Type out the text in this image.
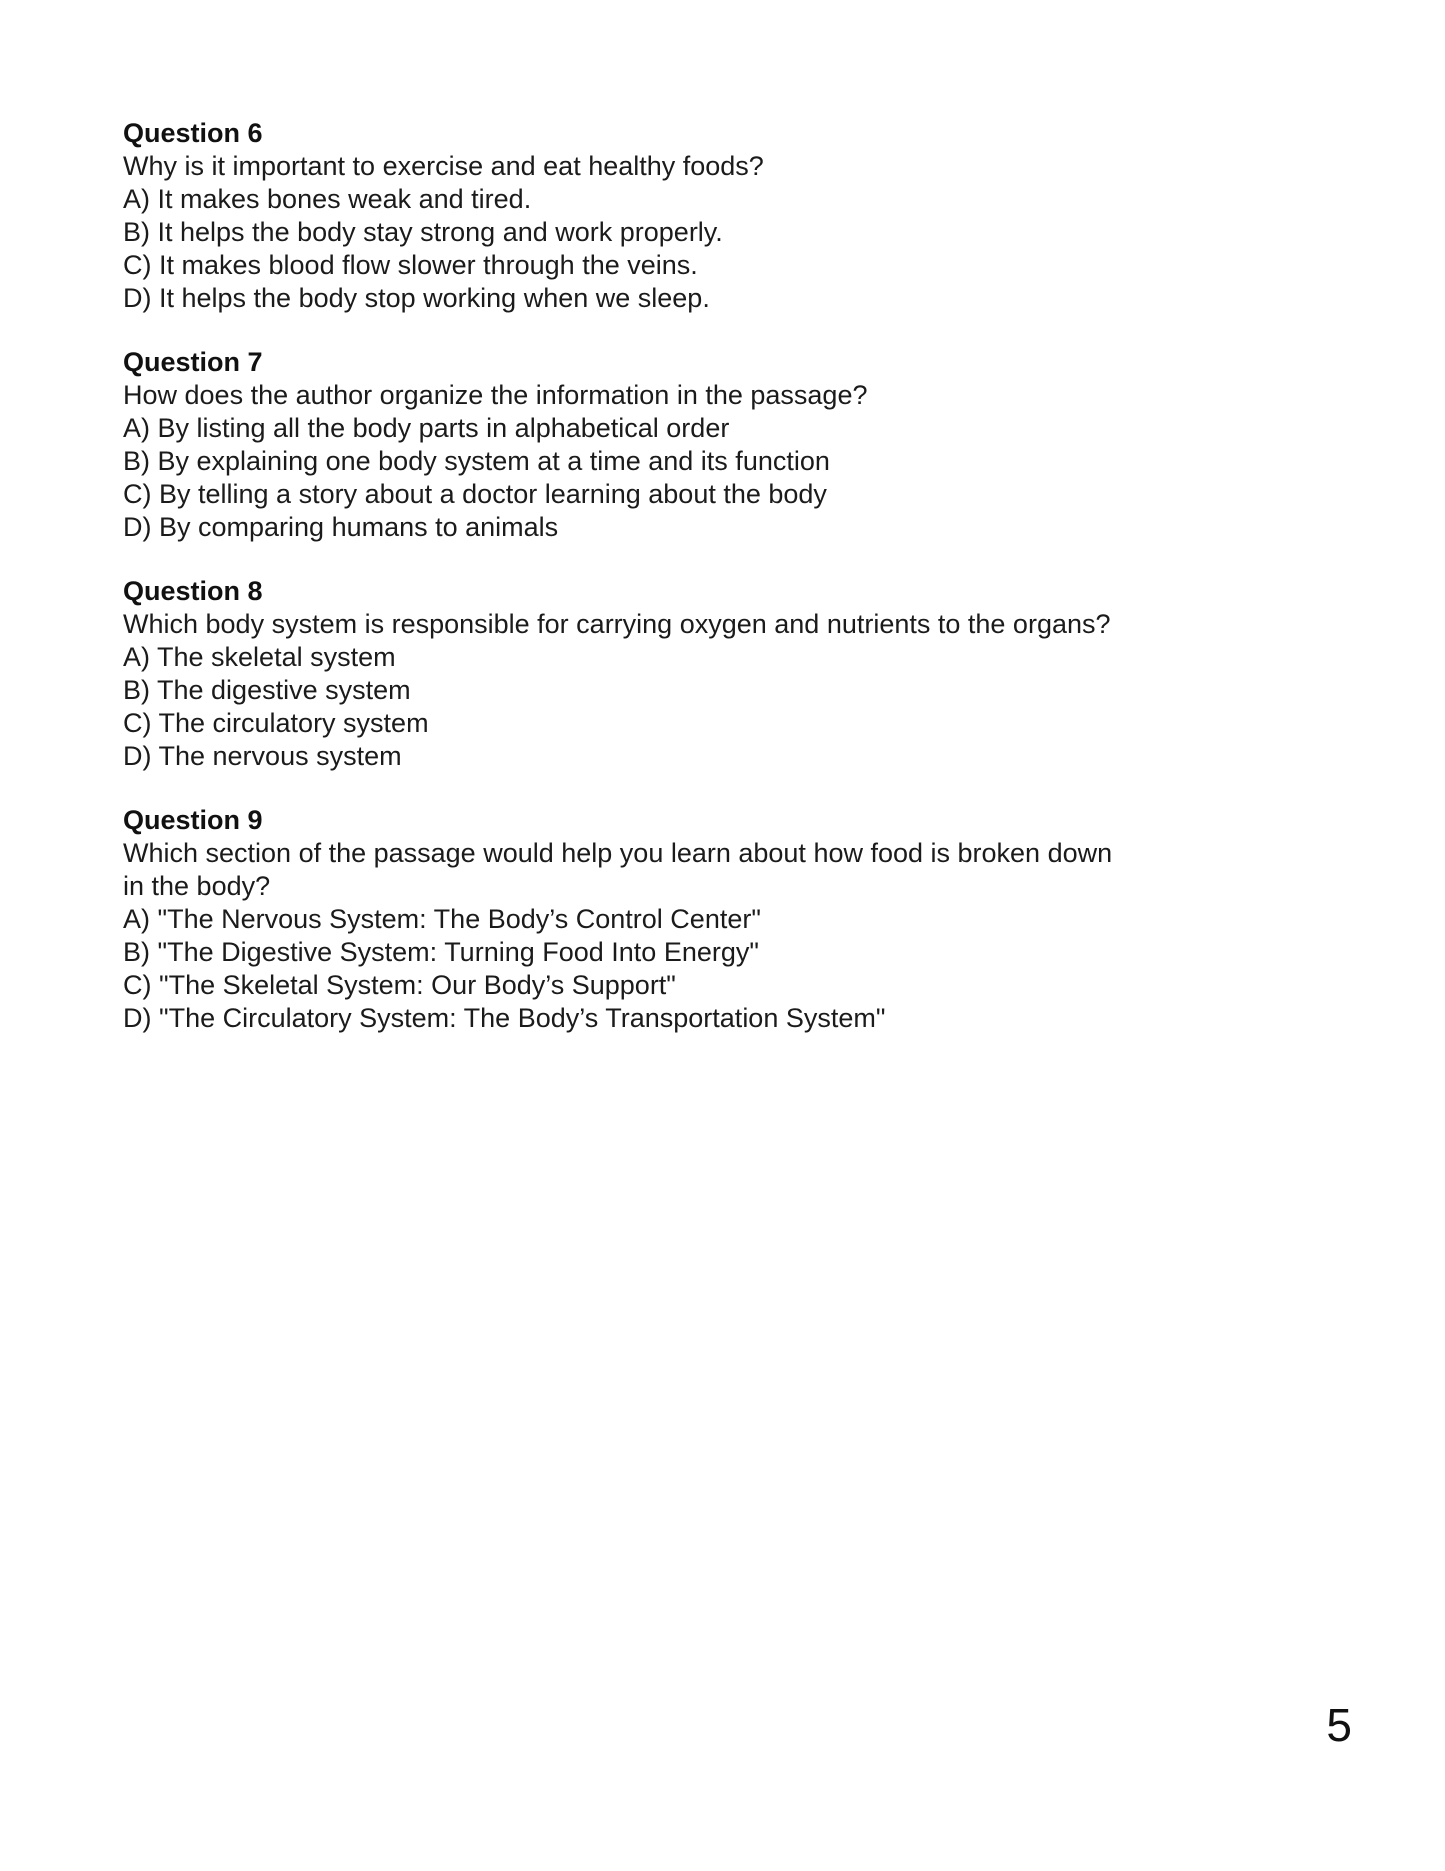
Question 6

Why is it important to exercise and eat healthy foods?

A) It makes bones weak and tired.

B) It helps the body stay strong and work properly.

C) It makes blood flow slower through the veins.

D) It helps the body stop working when we sleep.

Question 7

How does the author organize the information in the passage?

A) By listing all the body parts in alphabetical order

B) By explaining one body system at a time and its function

C) By telling a story about a doctor learning about the body

D) By comparing humans to animals

Question 8

Which body system is responsible for carrying oxygen and nutrients to the organs?

A) The skeletal system

B) The digestive system

C) The circulatory system

D) The nervous system

Question 9

Which section of the passage would help you learn about how food is broken down

in the body?

A) "The Nervous System: The Body’s Control Center"

B) "The Digestive System: Turning Food Into Energy"

C) "The Skeletal System: Our Body’s Support"

D) "The Circulatory System: The Body’s Transportation System"

5
